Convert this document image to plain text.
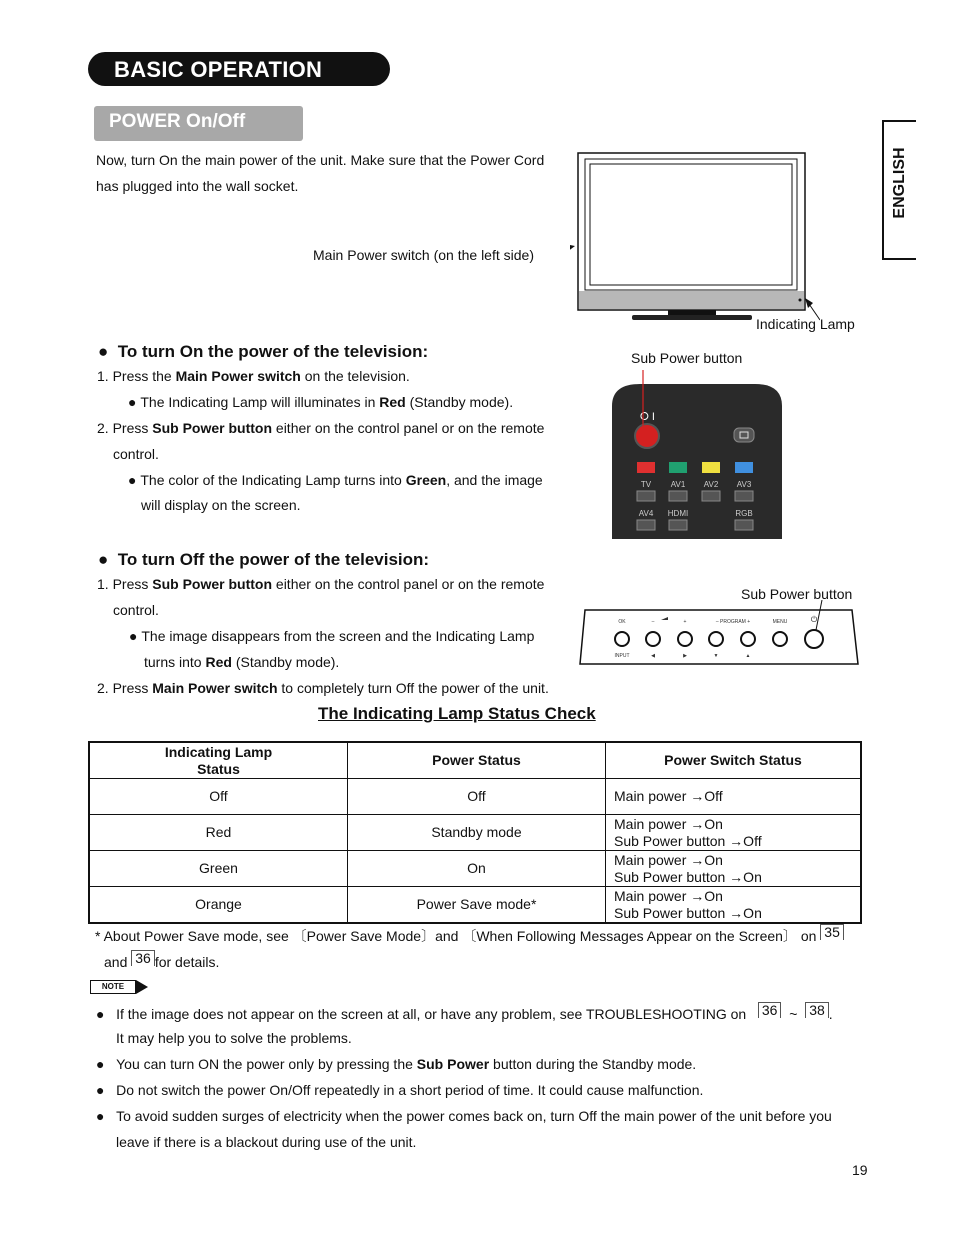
BASIC OPERATION
POWER On/Off
ENGLISH
Now, turn On the main power of the unit. Make sure that the Power Cord
has plugged into the wall socket.
Main Power switch (on the left side)
Indicating Lamp
●  To turn On the power of the television:
1. Press the Main Power switch on the television.
● The Indicating Lamp will illuminates in Red (Standby mode).
2. Press Sub Power button either on the control panel or on the remote
control.
● The color of the Indicating Lamp turns into Green, and the image
will display on the screen.
Sub Power button
⭘ I
TV AV1 AV2 AV3
AV4 HDMI	RGB
●  To turn Off the power of the television:
1. Press Sub Power button either on the control panel or on the remote
control.
● The image disappears from the screen and the Indicating Lamp
turns into Red (Standby mode).
2. Press Main Power switch to completely turn Off the power of the unit.
Sub Power button
OK	–	+	– PROGRAM +	MENU
INPUT	◀	▶	▼	▲
⏻
The Indicating Lamp Status Check
Indicating Lamp
Status	Power Status	Power Switch Status
Off	Off	Main power →Off
Red	Standby mode	Main power →On
Sub Power button →Off
Green	On	Main power →On
Sub Power button →On
Orange	Power Save mode*	Main power →On
Sub Power button →On
* About Power Save mode, see 〔Power Save Mode〕and 〔When Following Messages Appear on the Screen〕 on 35
and 36 for details.
NOTE
●   If the image does not appear on the screen at all, or have any problem, see TROUBLESHOOTING on 36 ~ 38 .
It may help you to solve the problems.
●   You can turn ON the power only by pressing the Sub Power button during the Standby mode.
●   Do not switch the power On/Off repeatedly in a short period of time. It could cause malfunction.
●   To avoid sudden surges of electricity when the power comes back on, turn Off the main power of the unit before you
leave if there is a blackout during use of the unit.
19
